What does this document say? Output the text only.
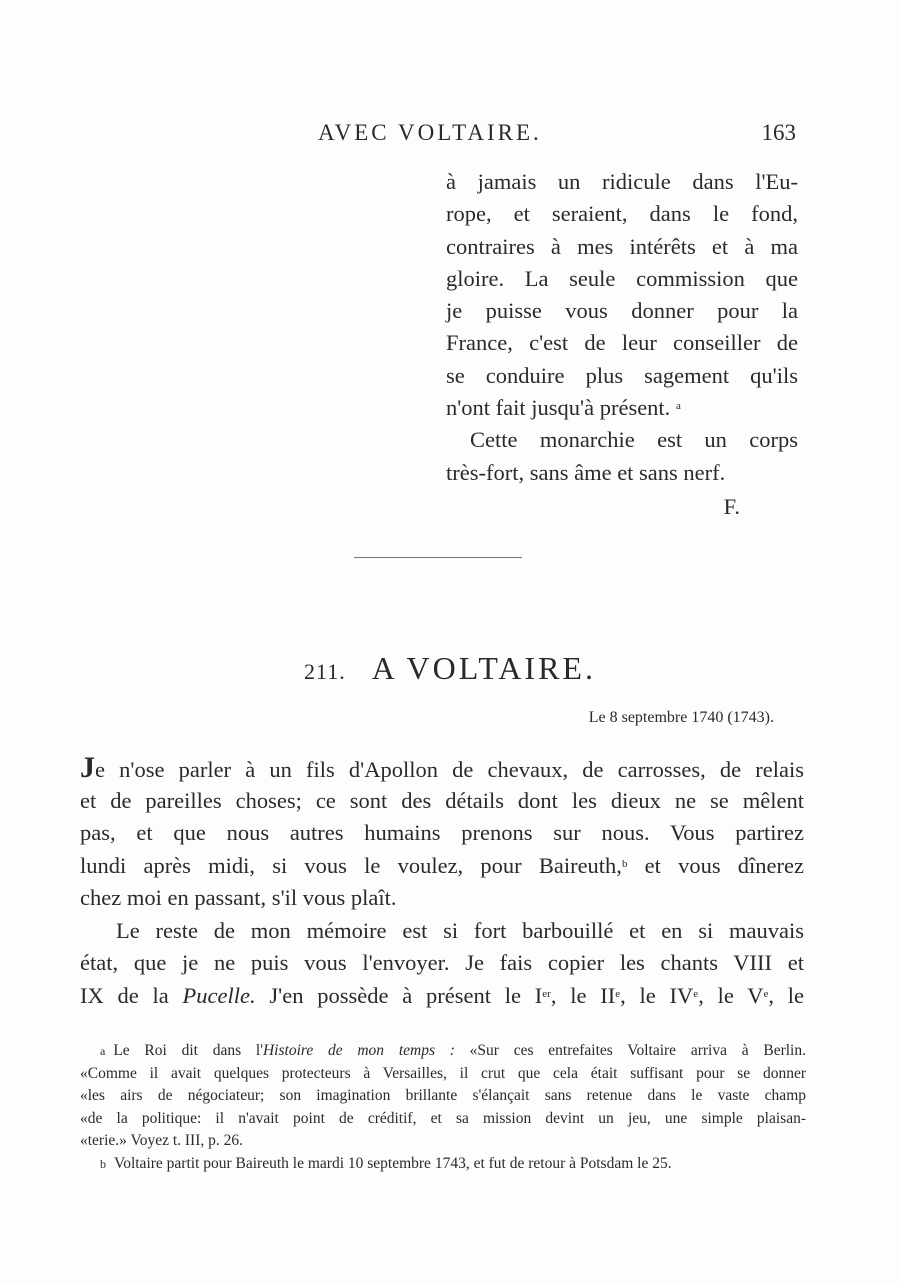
AVEC VOLTAIRE.	163
à jamais un ridicule dans l'Eu-
rope, et seraient, dans le fond,
contraires à mes intérêts et à ma
gloire. La seule commission que
je puisse vous donner pour la
France, c'est de leur conseiller de
se conduire plus sagement qu'ils
n'ont fait jusqu'à présent. $^a$
Cette monarchie est un corps
très-fort, sans âme et sans nerf.
F.
211. A VOLTAIRE.
Le 8 septembre 1740 (1743).
Je n'ose parler à un fils d'Apollon de chevaux, de carrosses, de relais
et de pareilles choses; ce sont des détails dont les dieux ne se mêlent
pas, et que nous autres humains prenons sur nous. Vous partirez
lundi après midi, si vous le voulez, pour Baireuth,$^b$ et vous dînerez
chez moi en passant, s'il vous plaît.
Le reste de mon mémoire est si fort barbouillé et en si mauvais
état, que je ne puis vous l'envoyer. Je fais copier les chants VIII et
IX de la Pucelle. J'en possède à présent le Ier, le IIe, le IVe, le Ve, le
a Le Roi dit dans l'Histoire de mon temps : «Sur ces entrefaites Voltaire arriva à Berlin.
«Comme il avait quelques protecteurs à Versailles, il crut que cela était suffisant pour se donner
«les airs de négociateur; son imagination brillante s'élançait sans retenue dans le vaste champ
«de la politique: il n'avait point de créditif, et sa mission devint un jeu, une simple plaisan-
«terie.» Voyez t. III, p. 26.
b Voltaire partit pour Baireuth le mardi 10 septembre 1743, et fut de retour à Potsdam le 25.
